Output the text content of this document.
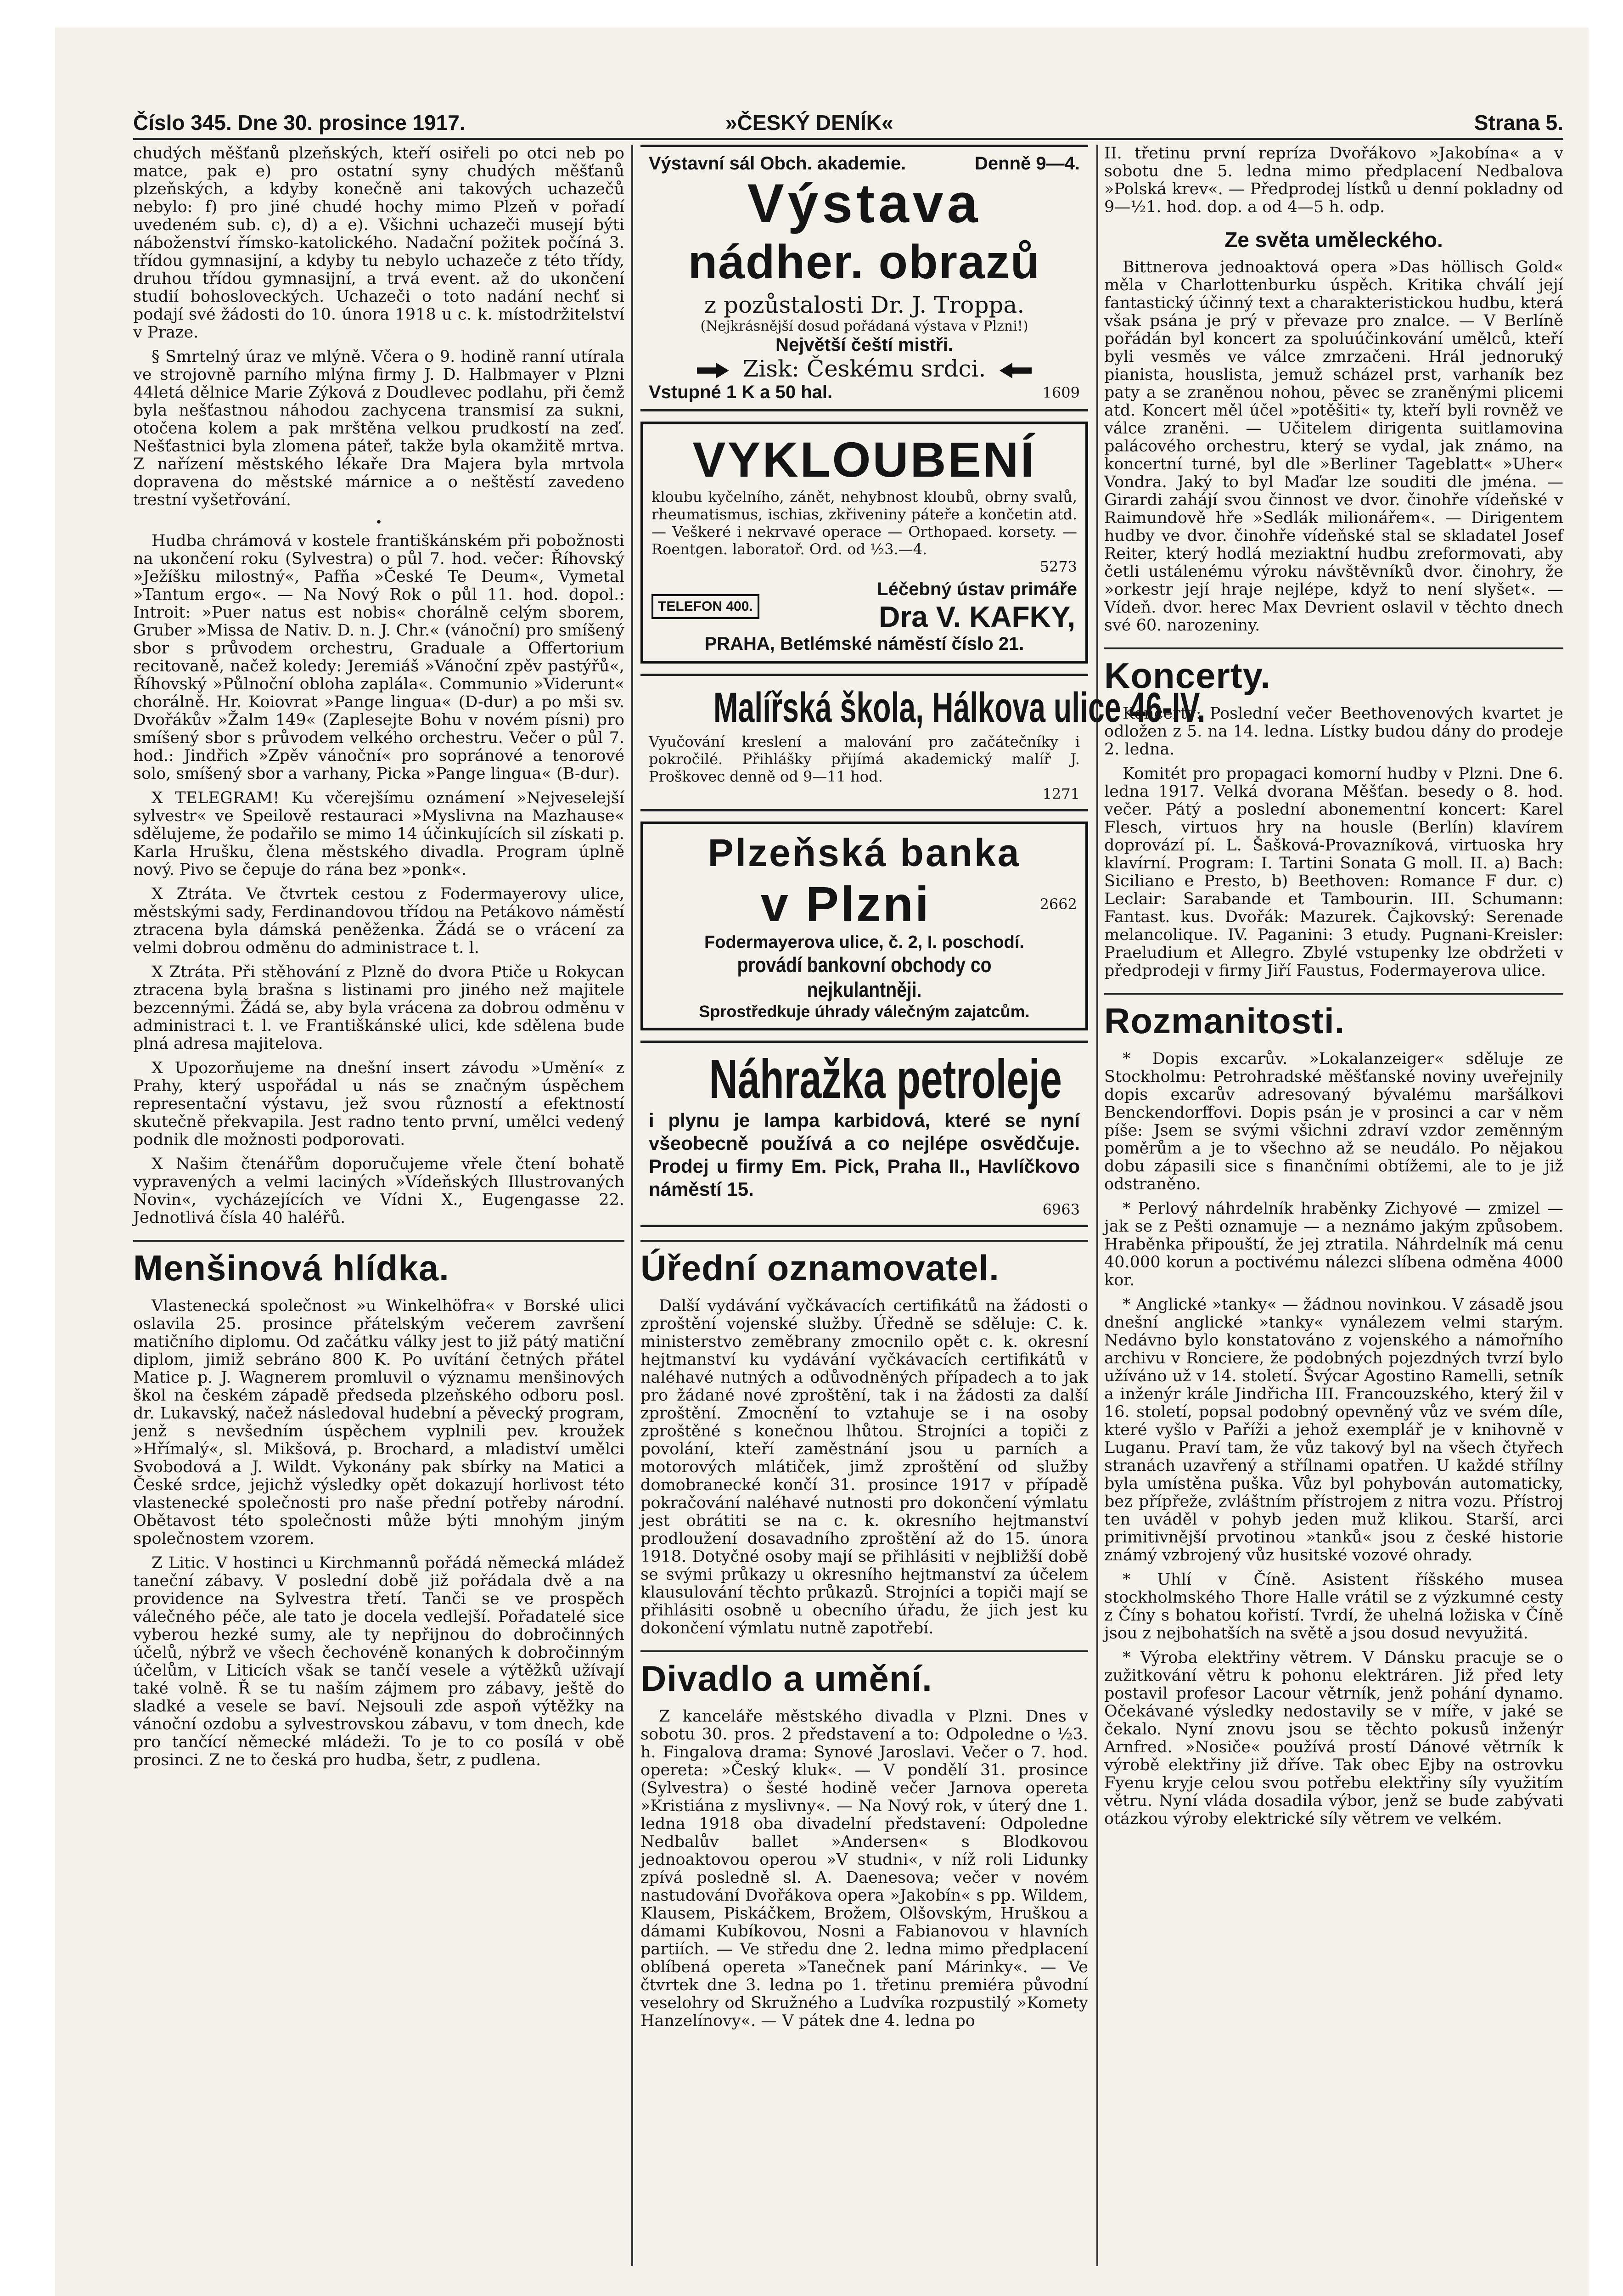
Číslo 345. Dne 30. prosince 1917.	»ČESKÝ DENÍK«	Strana 5.

chudých měšťanů plzeňských, kteří osiřeli po otci neb po matce, pak e) pro ostatní syny chudých měšťanů plzeňských, a kdyby konečně ani takových uchazečů nebylo: f) pro jiné chudé hochy mimo Plzeň v pořadí uvedeném sub. c), d) a e). Všichni uchazeči musejí býti náboženství římsko-katolického. Nadační požitek počíná 3. třídou gymnasijní, a kdyby tu nebylo uchazeče z této třídy, druhou třídou gymnasijní, a trvá event. až do ukončení studií bohosloveckých. Uchazeči o toto nadání nechť si podají své žádosti do 10. února 1918 u c. k. místodržitelství v Praze.

§ Smrtelný úraz ve mlýně. Včera o 9. hodině ranní utírala ve strojovně parního mlýna firmy J. D. Halbmayer v Plzni 44letá dělnice Marie Zýková z Doudlevec podlahu, při čemž byla nešťastnou náhodou zachycena transmisí za sukni, otočena kolem a pak mrštěna velkou prudkostí na zeď. Nešťastnici byla zlomena páteř, takže byla okamžitě mrtva. Z nařízení městského lékaře Dra Majera byla mrtvola dopravena do městské márnice a o neštěstí zavedeno trestní vyšetřování.

•

Hudba chrámová v kostele františkánském při pobožnosti na ukončení roku (Sylvestra) o půl 7. hod. večer: Říhovský »Ježíšku milostný«, Pafňa »České Te Deum«, Vymetal »Tantum ergo«. — Na Nový Rok o půl 11. hod. dopol.: Introit: »Puer natus est nobis« chorálně celým sborem, Gruber »Missa de Nativ. D. n. J. Chr.« (vánoční) pro smíšený sbor s průvodem orchestru, Graduale a Offertorium recitovaně, načež koledy: Jeremiáš »Vánoční zpěv pastýřů«, Říhovský »Půlnoční obloha zaplála«. Communio »Viderunt« chorálně. Hr. Koiovrat »Pange lingua« (D-dur) a po mši sv. Dvořákův »Žalm 149« (Zaplesejte Bohu v novém písni) pro smíšený sbor s průvodem velkého orchestru. Večer o půl 7. hod.: Jindřich »Zpěv vánoční« pro sopránové a tenorové solo, smíšený sbor a varhany, Picka »Pange lingua« (B-dur).

X TELEGRAM! Ku včerejšímu oznámení »Nejveselejší sylvestr« ve Speilově restauraci »Myslivna na Mazhause« sdělujeme, že podařilo se mimo 14 účinkujících sil získati p. Karla Hrušku, člena městského divadla. Program úplně nový. Pivo se čepuje do rána bez »ponk«.

X Ztráta. Ve čtvrtek cestou z Fodermayerovy ulice, městskými sady, Ferdinandovou třídou na Petákovo náměstí ztracena byla dámská peněženka. Žádá se o vrácení za velmi dobrou odměnu do administrace t. l.

X Ztráta. Při stěhování z Plzně do dvora Ptiče u Rokycan ztracena byla brašna s listinami pro jiného než majitele bezcennými. Žádá se, aby byla vrácena za dobrou odměnu v administraci t. l. ve Františkánské ulici, kde sdělena bude plná adresa majitelova.

X Upozorňujeme na dnešní insert závodu »Umění« z Prahy, který uspořádal u nás se značným úspěchem representační výstavu, jež svou růzností a efektností skutečně překvapila. Jest radno tento první, umělci vedený podnik dle možnosti podporovati.

X Našim čtenářům doporučujeme vřele čtení bohatě vypravených a velmi laciných »Vídeňských Illustrovaných Novin«, vycházejících ve Vídni X., Eugengasse 22. Jednotlivá čísla 40 haléřů.

Menšinová hlídka.

Vlastenecká společnost »u Winkelhöfra« v Borské ulici oslavila 25. prosince přátelským večerem završení matičního diplomu. Od začátku války jest to již pátý matiční diplom, jimiž sebráno 800 K. Po uvítání četných přátel Matice p. J. Wagnerem promluvil o významu menšinových škol na českém západě předseda plzeňského odboru posl. dr. Lukavský, načež následoval hudební a pěvecký program, jenž s nevšedním úspěchem vyplnili pev. kroužek »Hřímalý«, sl. Mikšová, p. Brochard, a mladiství umělci Svobodová a J. Wildt. Vykonány pak sbírky na Matici a České srdce, jejichž výsledky opět dokazují horlivost této vlastenecké společnosti pro naše přední potřeby národní. Obětavost této společnosti může býti mnohým jiným společnostem vzorem.

Z Litic. V hostinci u Kirchmannů pořádá německá mládež taneční zábavy. V poslední době již pořádala dvě a na providence na Sylvestra třetí. Tanči se ve prospěch válečného péče, ale tato je docela vedlejší. Pořadatelé sice vyberou hezké sumy, ale ty nepřijnou do dobročinných účelů, nýbrž ve všech čechovéně konaných k dobročinným účelům, v Liticích však se tančí vesele a výtěžků užívají také volně. Ř se tu naším zájmem pro zábavy, ještě do sladké a vesele se baví. Nejsouli zde aspoň výtěžky na vánoční ozdobu a sylvestrovskou zábavu, v tom dnech, kde pro tančící německé mládeži. To je to co posílá v obě prosinci. Z ne to česká pro hudba, šetr, z pudlena.

Výstavní sál Obch. akademie.	Denně 9—4.
Výstava
nádher. obrazů
z pozůstalosti Dr. J. Troppa.
(Nejkrásnější dosud pořádaná výstava v Plzni!)
Největší čeští mistři.
Zisk: Českému srdci.
Vstupné 1 K a 50 hal.	1609
VYKLOUBENÍ
kloubu kyčelního, zánět, nehybnost kloubů, obrny svalů, rheumatismus, ischias, zkřiveniny páteře a končetin atd. — Veškeré i nekrvavé operace — Orthopaed. korsety. — Roentgen. laboratoř. Ord. od ½3.—4.
5273
TELEFON 400.
Léčebný ústav primáře
Dra V. KAFKY,
PRAHA, Betlémské náměstí číslo 21.
Malířská škola, Hálkova ulice 46-IV.
Vyučování kreslení a malování pro začátečníky i pokročilé. Přihlášky přijímá akademický malíř J. Proškovec denně od 9—11 hod.
1271
Plzeňská banka
v Plzni	2662
Fodermayerova ulice, č. 2, I. poschodí.
provádí bankovní obchody co nejkulantněji.
Sprostředkuje úhrady válečným zajatcům.
Náhražka petroleje
i plynu je lampa karbidová, které se nyní všeobecně používá a co nejlépe osvědčuje. Prodej u firmy Em. Pick, Praha II., Havlíčkovo náměstí 15.
6963
Úřední oznamovatel.

Další vydávání vyčkávacích certifikátů na žádosti o zproštění vojenské služby. Úředně se sděluje: C. k. ministerstvo zeměbrany zmocnilo opět c. k. okresní hejtmanství ku vydávání vyčkávacích certifikátů v naléhavé nutných a odůvodněných případech a to jak pro žádané nové zproštění, tak i na žádosti za další zproštění. Zmocnění to vztahuje se i na osoby zproštěné s konečnou lhůtou. Strojníci a topiči z povolání, kteří zaměstnání jsou u parních a motorových mlátiček, jimž zproštění od služby domobranecké končí 31. prosince 1917 v případě pokračování naléhavé nutnosti pro dokončení výmlatu jest obrátiti se na c. k. okresního hejtmanství prodloužení dosavadního zproštění až do 15. února 1918. Dotyčné osoby mají se přihlásiti v nejbližší době se svými průkazy u okresního hejtmanství za účelem klausulování těchto průkazů. Strojníci a topiči mají se přihlásiti osobně u obecního úřadu, že jich jest ku dokončení výmlatu nutně zapotřebí.

Divadlo a umění.

Z kanceláře městského divadla v Plzni. Dnes v sobotu 30. pros. 2 představení a to: Odpoledne o ½3. h. Fingalova drama: Synové Jaroslavi. Večer o 7. hod. opereta: »Český kluk«. — V pondělí 31. prosince (Sylvestra) o šesté hodině večer Jarnova opereta »Kristiána z myslivny«. — Na Nový rok, v úterý dne 1. ledna 1918 oba divadelní představení: Odpoledne Nedbalův ballet »Andersen« s Blodkovou jednoaktovou operou »V studni«, v níž roli Lidunky zpívá posledně sl. A. Daenesova; večer v novém nastudování Dvořákova opera »Jakobín« s pp. Wildem, Klausem, Piskáčkem, Brožem, Olšovským, Hruškou a dámami Kubíkovou, Nosni a Fabianovou v hlavních partiích. — Ve středu dne 2. ledna mimo předplacení oblíbená opereta »Tanečnek paní Márinky«. — Ve čtvrtek dne 3. ledna po 1. třetinu premiéra původní veselohry od Skružného a Ludvíka rozpustilý »Komety Hanzelínovy«. — V pátek dne 4. ledna po

II. třetinu první repríza Dvořákovo »Jakobína« a v sobotu dne 5. ledna mimo předplacení Nedbalova »Polská krev«. — Předprodej lístků u denní pokladny od 9—½1. hod. dop. a od 4—5 h. odp.

Ze světa uměleckého.

Bittnerova jednoaktová opera »Das höllisch Gold« měla v Charlottenburku úspěch. Kritika chválí její fantastický účinný text a charakteristickou hudbu, která však psána je prý v převaze pro znalce. — V Berlíně pořádán byl koncert za spoluúčinkování umělců, kteří byli vesměs ve válce zmrzačeni. Hrál jednoruký pianista, houslista, jemuž scházel prst, varhaník bez paty a se zraněnou nohou, pěvec se zraněnými plicemi atd. Koncert měl účel »potěšiti« ty, kteří byli rovněž ve válce zraněni. — Učitelem dirigenta suitlamovina palácového orchestru, který se vydal, jak známo, na koncertní turné, byl dle »Berliner Tageblatt« »Uher« Vondra. Jaký to byl Maďar lze souditi dle jména. — Girardi zahájí svou činnost ve dvor. činohře vídeňské v Raimundově hře »Sedlák milionářem«. — Dirigentem hudby ve dvor. činohře vídeňské stal se skladatel Josef Reiter, který hodlá meziaktní hudbu zreformovati, aby četli ustálenému výroku návštěvníků dvor. činohry, že »orkestr její hraje nejlépe, když to není slyšet«. — Vídeň. dvor. herec Max Devrient oslavil v těchto dnech své 60. narozeniny.

Koncerty.

Koncerty: Poslední večer Beethovenových kvartet je odložen z 5. na 14. ledna. Lístky budou dány do prodeje 2. ledna.

Komitét pro propagaci komorní hudby v Plzni. Dne 6. ledna 1917. Velká dvorana Měšťan. besedy o 8. hod. večer. Pátý a poslední abonementní koncert: Karel Flesch, virtuos hry na housle (Berlín) klavírem doprovází pí. L. Šašková-Provazníková, virtuoska hry klavírní. Program: I. Tartini Sonata G moll. II. a) Bach: Siciliano e Presto, b) Beethoven: Romance F dur. c) Leclair: Sarabande et Tambourin. III. Schumann: Fantast. kus. Dvořák: Mazurek. Čajkovský: Serenade melancolique. IV. Paganini: 3 etudy. Pugnani-Kreisler: Praeludium et Allegro. Zbylé vstupenky lze obdržeti v předprodeji v firmy Jiří Faustus, Fodermayerova ulice.

Rozmanitosti.

* Dopis excarův. »Lokalanzeiger« sděluje ze Stockholmu: Petrohradské měšťanské noviny uveřejnily dopis excarův adresovaný bývalému maršálkovi Benckendorffovi. Dopis psán je v prosinci a car v něm píše: Jsem se svými všichni zdraví vzdor zeměnným poměrům a je to všechno až se neudálo. Po nějakou dobu zápasili sice s finančními obtížemi, ale to je již odstraněno.

* Perlový náhrdelník hraběnky Zichyové — zmizel — jak se z Pešti oznamuje — a neznámo jakým způsobem. Hraběnka připouští, že jej ztratila. Náhrdelník má cenu 40.000 korun a poctivému nálezci slíbena odměna 4000 kor.

* Anglické »tanky« — žádnou novinkou. V zásadě jsou dnešní anglické »tanky« vynálezem velmi starým. Nedávno bylo konstatováno z vojenského a námořního archivu v Ronciere, že podobných pojezdných tvrzí bylo užíváno už v 14. století. Švýcar Agostino Ramelli, setník a inženýr krále Jindřicha III. Francouzského, který žil v 16. století, popsal podobný opevněný vůz ve svém díle, které vyšlo v Paříži a jehož exemplář je v knihovně v Luganu. Praví tam, že vůz takový byl na všech čtyřech stranách uzavřený a střílnami opatřen. U každé střílny byla umístěna puška. Vůz byl pohybován automaticky, bez přípřeže, zvláštním přístrojem z nitra vozu. Přístroj ten uváděl v pohyb jeden muž klikou. Starší, arci primitivnější prvotinou »tanků« jsou z české historie známý vzbrojený vůz husitské vozové ohrady.

* Uhlí v Číně. Asistent říšského musea stockholmského Thore Halle vrátil se z výzkumné cesty z Číny s bohatou kořistí. Tvrdí, že uhelná ložiska v Číně jsou z nejbohatších na světě a jsou dosud nevyužitá.

* Výroba elektřiny větrem. V Dánsku pracuje se o zužitkování větru k pohonu elektráren. Již před lety postavil profesor Lacour větrník, jenž pohání dynamo. Očekávané výsledky nedostavily se v míře, v jaké se čekalo. Nyní znovu jsou se těchto pokusů inženýr Arnfred. »Nosiče« používá prostí Dánové větrník k výrobě elektřiny již dříve. Tak obec Ejby na ostrovku Fyenu kryje celou svou potřebu elektřiny síly využitím větru. Nyní vláda dosadila výbor, jenž se bude zabývati otázkou výroby elektrické síly větrem ve velkém.
